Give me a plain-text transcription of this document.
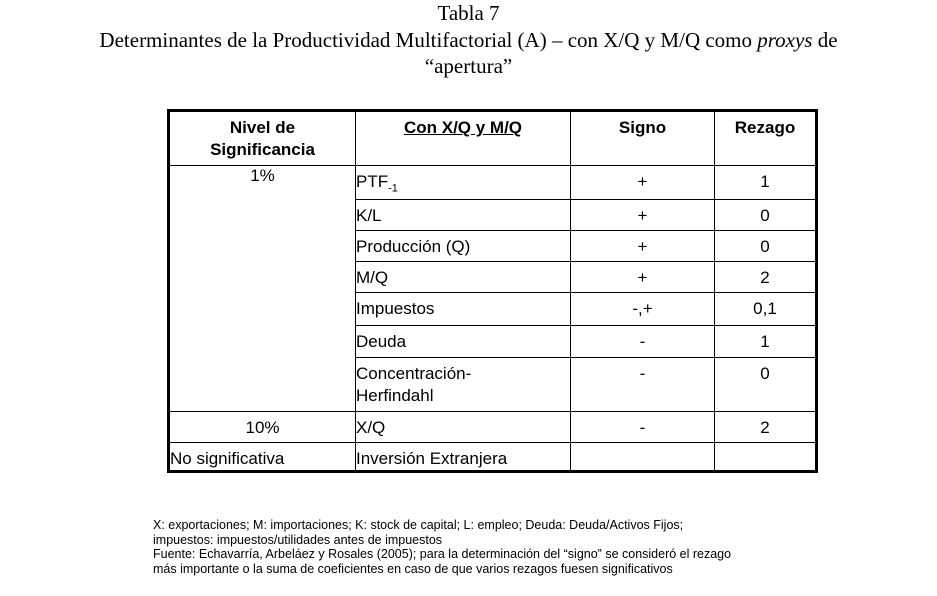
Tabla 7
Determinantes de la Productividad Multifactorial (A) – con X/Q y M/Q como proxys de
“apertura”
Nivel de
Significancia	Con X/Q y M/Q	Signo	Rezago
1%	$PTF_{-1}$	+	1

	K/L	+	0

	Producción (Q)	+	0

	M/Q	+	2

	Impuestos	-,+	0,1

	Deuda	-	1

	Concentración-
Herfindahl	-	0

10%	X/Q	-	2

No significativa	Inversión Extranjera		

X: exportaciones; M: importaciones; K: stock de capital; L: empleo; Deuda: Deuda/Activos Fijos;
impuestos: impuestos/utilidades antes de impuestos
Fuente: Echavarría, Arbeláez y Rosales (2005); para la determinación del “signo” se consideró el rezago
más importante o la suma de coeficientes en caso de que varios rezagos fuesen significativos
